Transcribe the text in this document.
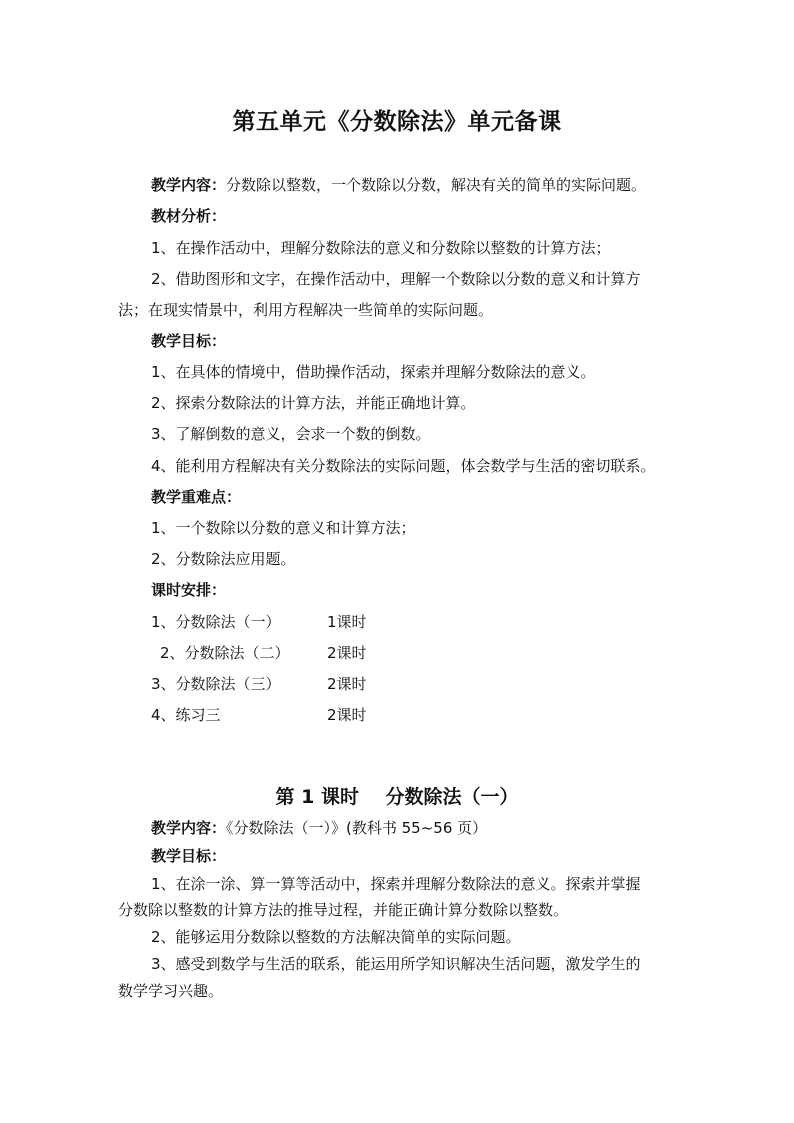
第五单元《分数除法》单元备课
教学内容：分数除以整数，一个数除以分数，解决有关的简单的实际问题。
教材分析：
1、在操作活动中，理解分数除法的意义和分数除以整数的计算方法；
2、借助图形和文字，在操作活动中，理解一个数除以分数的意义和计算方
法；在现实情景中，利用方程解决一些简单的实际问题。
教学目标：
1、在具体的情境中，借助操作活动，探索并理解分数除法的意义。
2、探索分数除法的计算方法，并能正确地计算。
3、了解倒数的意义，会求一个数的倒数。
4、能利用方程解决有关分数除法的实际问题，体会数学与生活的密切联系。
教学重难点：
1、一个数除以分数的意义和计算方法；
2、分数除法应用题。
课时安排：
1、分数除法（一）	1课时
2、分数除法（二） 2课时
3、分数除法（三）	2课时
4、练习三	2课时
第 1 课时    分数除法（一）
教学内容：《分数除法（一）》(教科书 55~56 页）
教学目标：
1、在涂一涂、算一算等活动中，探索并理解分数除法的意义。探索并掌握
分数除以整数的计算方法的推导过程，并能正确计算分数除以整数。
2、能够运用分数除以整数的方法解决简单的实际问题。
3、感受到数学与生活的联系，能运用所学知识解决生活问题，激发学生的
数学学习兴趣。
